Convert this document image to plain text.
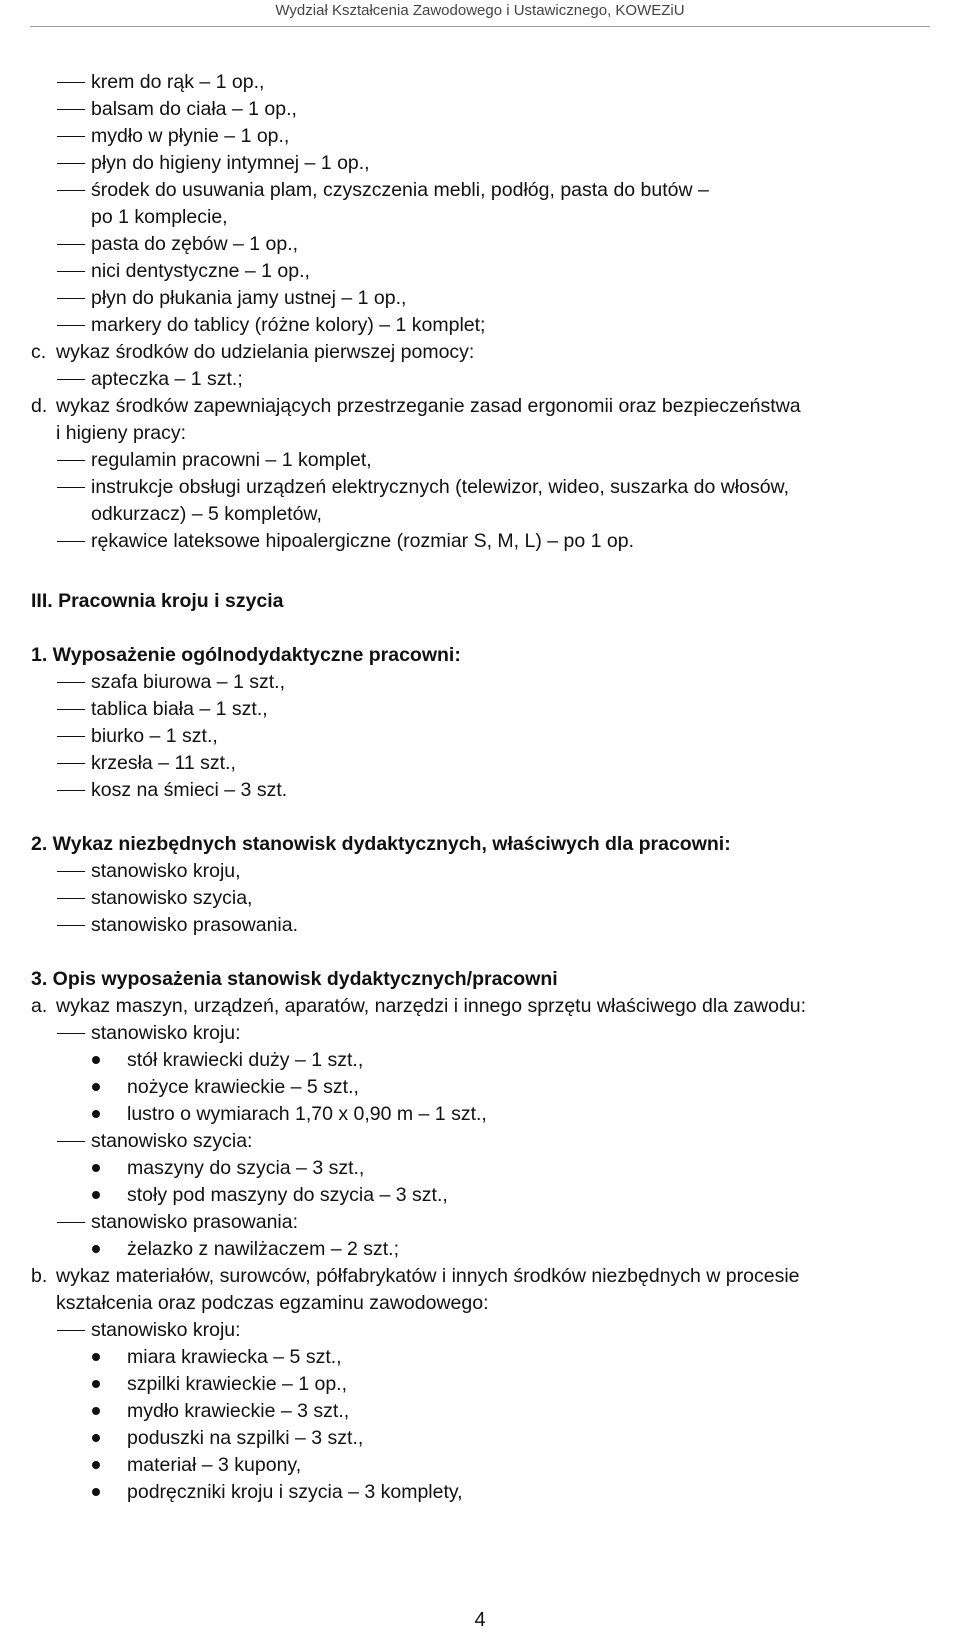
Wydział Kształcenia Zawodowego i Ustawicznego, KOWEZiU
krem do rąk – 1 op.,
balsam do ciała – 1 op.,
mydło w płynie – 1 op.,
płyn do higieny intymnej – 1 op.,
środek do usuwania plam, czyszczenia mebli, podłóg, pasta do butów –
po 1 komplecie,
pasta do zębów – 1 op.,
nici dentystyczne – 1 op.,
płyn do płukania jamy ustnej – 1 op.,
markery do tablicy (różne kolory) – 1 komplet;
c. wykaz środków do udzielania pierwszej pomocy:
apteczka – 1 szt.;
d. wykaz środków zapewniających przestrzeganie zasad ergonomii oraz bezpieczeństwa
i higieny pracy:
regulamin pracowni – 1 komplet,
instrukcje obsługi urządzeń elektrycznych (telewizor, wideo, suszarka do włosów,
odkurzacz) – 5 kompletów,
rękawice lateksowe hipoalergiczne (rozmiar S, M, L) – po 1 op.
III. Pracownia kroju i szycia
1. Wyposażenie ogólnodydaktyczne pracowni:
szafa biurowa – 1 szt.,
tablica biała – 1 szt.,
biurko – 1 szt.,
krzesła – 11 szt.,
kosz na śmieci – 3 szt.
2. Wykaz niezbędnych stanowisk dydaktycznych, właściwych dla pracowni:
stanowisko kroju,
stanowisko szycia,
stanowisko prasowania.
3. Opis wyposażenia stanowisk dydaktycznych/pracowni
a. wykaz maszyn, urządzeń, aparatów, narzędzi i innego sprzętu właściwego dla zawodu:
stanowisko kroju:
stół krawiecki duży – 1 szt.,
nożyce krawieckie – 5 szt.,
lustro o wymiarach 1,70 x 0,90 m – 1 szt.,
stanowisko szycia:
maszyny do szycia – 3 szt.,
stoły pod maszyny do szycia – 3 szt.,
stanowisko prasowania:
żelazko z nawilżaczem – 2 szt.;
b. wykaz materiałów, surowców, półfabrykatów i innych środków niezbędnych w procesie
kształcenia oraz podczas egzaminu zawodowego:
stanowisko kroju:
miara krawiecka – 5 szt.,
szpilki krawieckie – 1 op.,
mydło krawieckie – 3 szt.,
poduszki na szpilki – 3 szt.,
materiał – 3 kupony,
podręczniki kroju i szycia – 3 komplety,
4
